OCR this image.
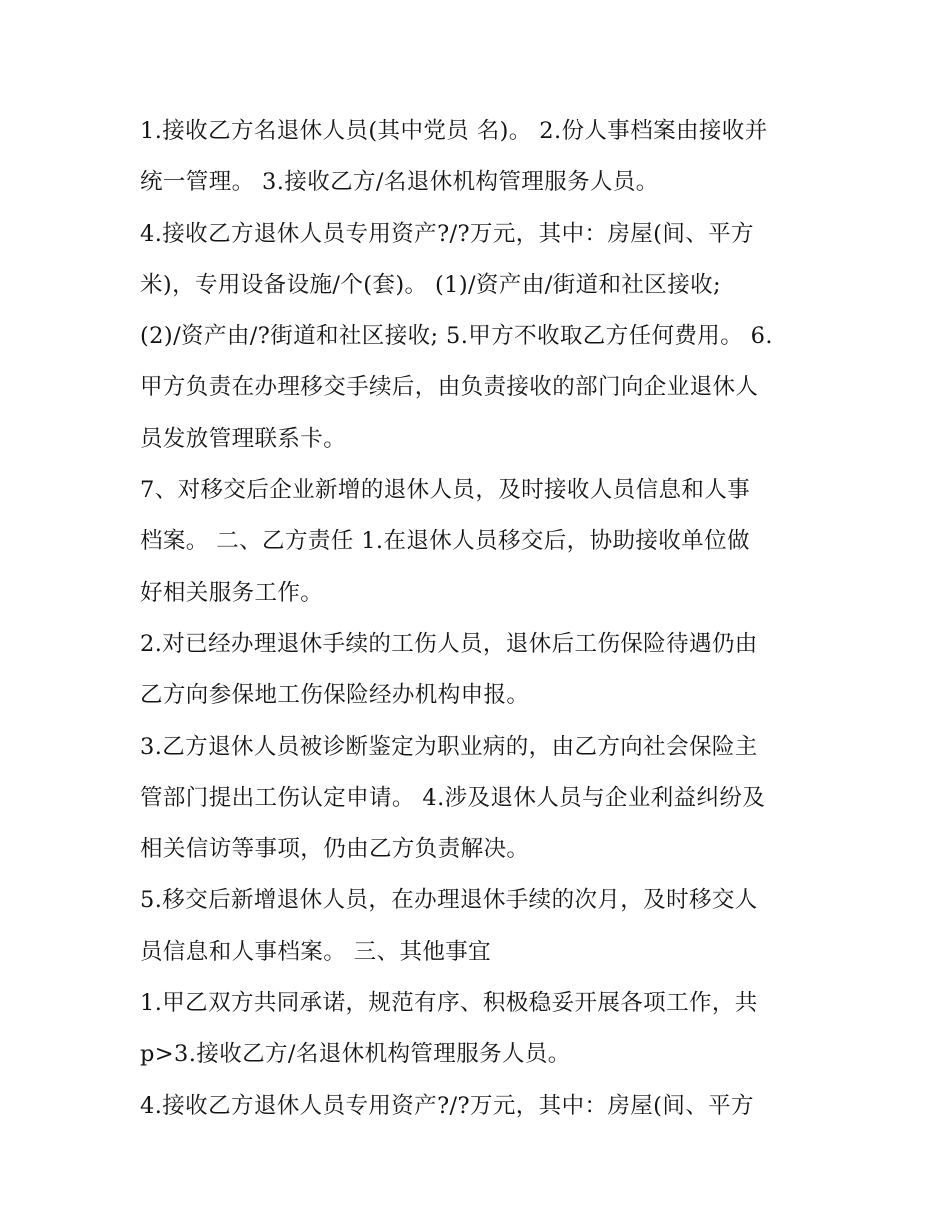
1.接收乙方名退休人员(其中党员 名)。 2.份人事档案由接收并
统一管理。 3.接收乙方/名退休机构管理服务人员。
4.接收乙方退休人员专用资产?/?万元，其中：房屋(间、平方
米)，专用设备设施/个(套)。 (1)/资产由/街道和社区接收;
(2)/资产由/?街道和社区接收; 5.甲方不收取乙方任何费用。 6.
甲方负责在办理移交手续后，由负责接收的部门向企业退休人
员发放管理联系卡。
7、对移交后企业新增的退休人员，及时接收人员信息和人事
档案。 二、乙方责任 1.在退休人员移交后，协助接收单位做
好相关服务工作。
2.对已经办理退休手续的工伤人员，退休后工伤保险待遇仍由
乙方向参保地工伤保险经办机构申报。
3.乙方退休人员被诊断鉴定为职业病的，由乙方向社会保险主
管部门提出工伤认定申请。 4.涉及退休人员与企业利益纠纷及
相关信访等事项，仍由乙方负责解决。
5.移交后新增退休人员，在办理退休手续的次月，及时移交人
员信息和人事档案。 三、其他事宜
1.甲乙双方共同承诺，规范有序、积极稳妥开展各项工作，共
p>3.接收乙方/名退休机构管理服务人员。
4.接收乙方退休人员专用资产?/?万元，其中：房屋(间、平方
